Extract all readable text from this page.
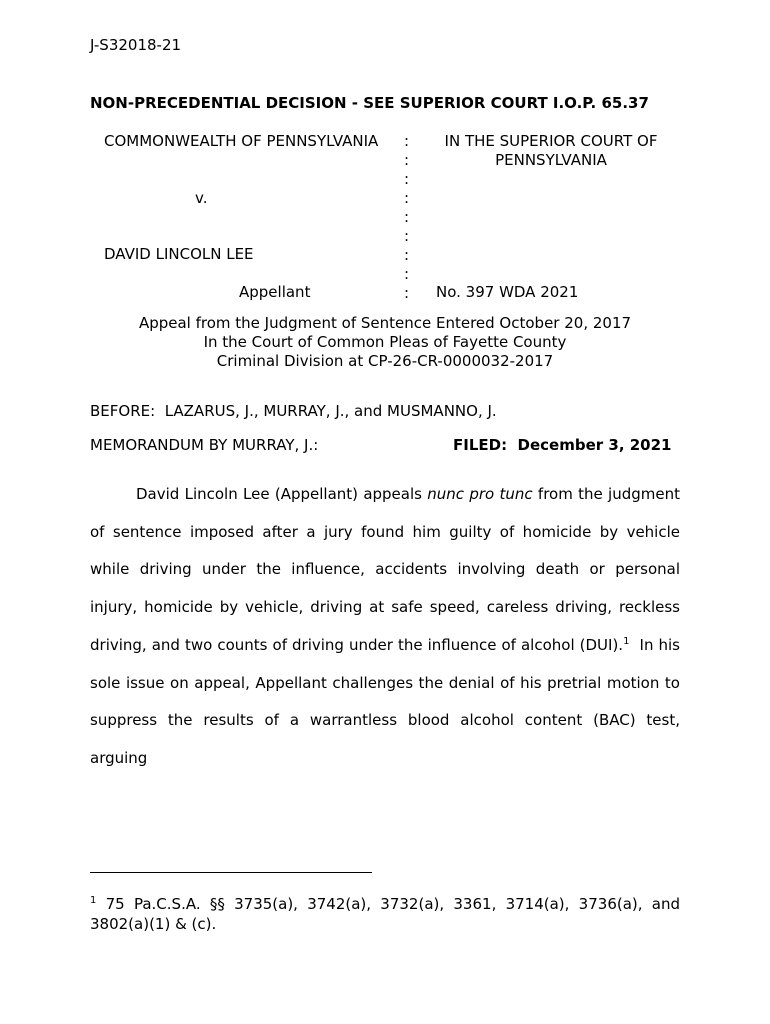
J-S32018-21
NON-PRECEDENTIAL DECISION - SEE SUPERIOR COURT I.O.P. 65.37
COMMONWEALTH OF PENNSYLVANIA
v.
DAVID LINCOLN LEE
Appellant
:
:
:
:
:
:
:
:
:
IN THE SUPERIOR COURT OF
PENNSYLVANIA
No. 397 WDA 2021
Appeal from the Judgment of Sentence Entered October 20, 2017
In the Court of Common Pleas of Fayette County
Criminal Division at CP-26-CR-0000032-2017
BEFORE:  LAZARUS, J., MURRAY, J., and MUSMANNO, J.
MEMORANDUM BY MURRAY, J.:	FILED:  December 3, 2021

David Lincoln Lee (Appellant) appeals nunc pro tunc from the judgment of sentence imposed after a jury found him guilty of homicide by vehicle while driving under the influence, accidents involving death or personal injury, homicide by vehicle, driving at safe speed, careless driving, reckless driving, and two counts of driving under the influence of alcohol (DUI).$^1$  In his sole issue on appeal, Appellant challenges the denial of his pretrial motion to suppress the results of a warrantless blood alcohol content (BAC) test, arguing

$^1$ 75 Pa.C.S.A. §§ 3735(a), 3742(a), 3732(a), 3361, 3714(a), 3736(a), and 3802(a)(1) & (c).
